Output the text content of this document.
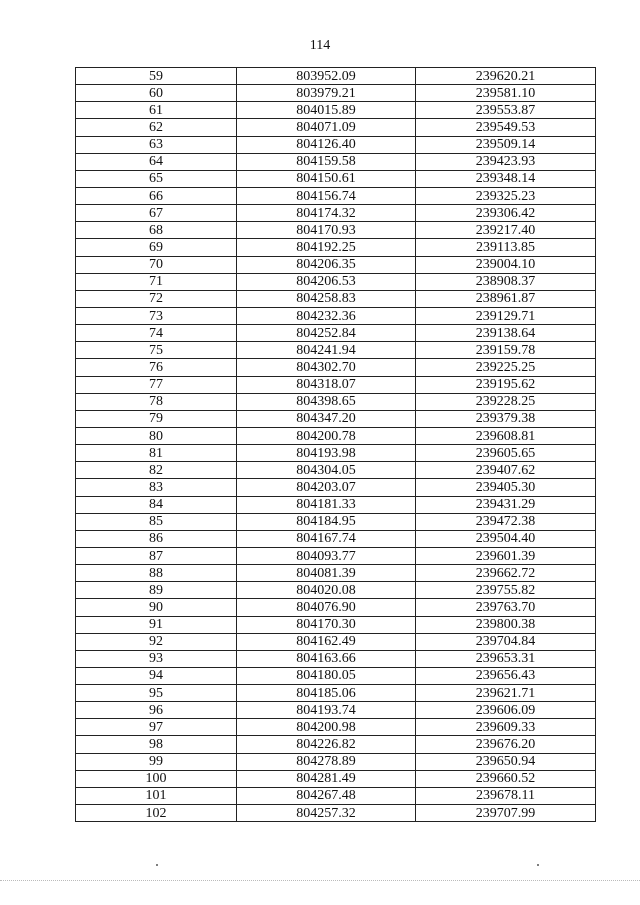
114
59	803952.09	239620.21
60	803979.21	239581.10
61	804015.89	239553.87
62	804071.09	239549.53
63	804126.40	239509.14
64	804159.58	239423.93
65	804150.61	239348.14
66	804156.74	239325.23
67	804174.32	239306.42
68	804170.93	239217.40
69	804192.25	239113.85
70	804206.35	239004.10
71	804206.53	238908.37
72	804258.83	238961.87
73	804232.36	239129.71
74	804252.84	239138.64
75	804241.94	239159.78
76	804302.70	239225.25
77	804318.07	239195.62
78	804398.65	239228.25
79	804347.20	239379.38
80	804200.78	239608.81
81	804193.98	239605.65
82	804304.05	239407.62
83	804203.07	239405.30
84	804181.33	239431.29
85	804184.95	239472.38
86	804167.74	239504.40
87	804093.77	239601.39
88	804081.39	239662.72
89	804020.08	239755.82
90	804076.90	239763.70
91	804170.30	239800.38
92	804162.49	239704.84
93	804163.66	239653.31
94	804180.05	239656.43
95	804185.06	239621.71
96	804193.74	239606.09
97	804200.98	239609.33
98	804226.82	239676.20
99	804278.89	239650.94
100	804281.49	239660.52
101	804267.48	239678.11
102	804257.32	239707.99
